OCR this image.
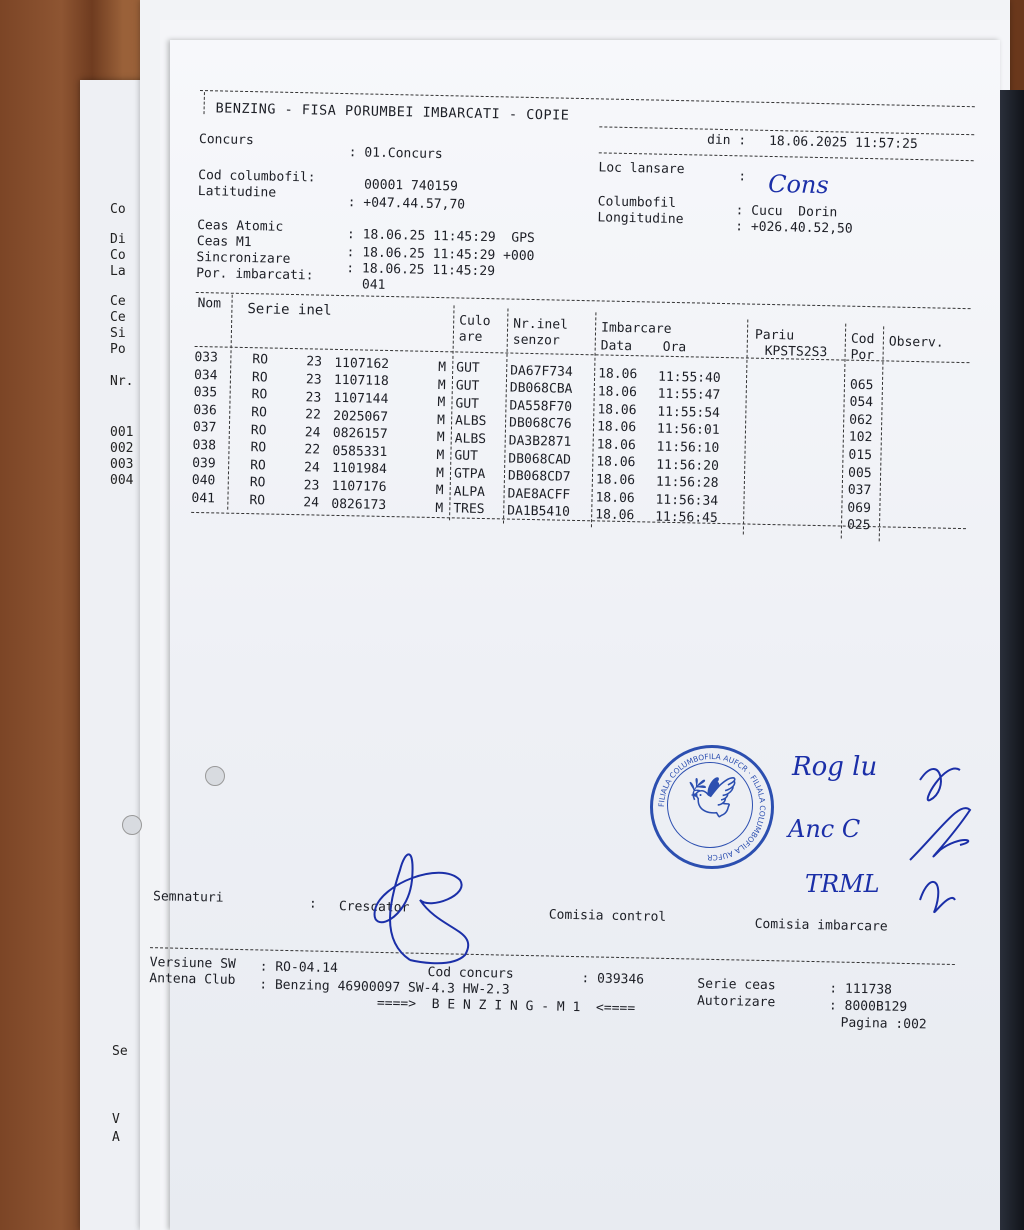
Co
Di
Co
La
Ce
Ce
Si
Po
Nr.
001
002
003
004
Se
V
A
BENZING - FISA PORUMBEI IMBARCATI - COPIE
din : 18.06.2025 11:57:25
Concurs
: 01.Concurs
Loc lansare	: Cons
Cod columbofil:
00001 740159
Latitudine
: +047.44.57,70	Columbofil
: Cucu  Dorin
Longitudine
: +026.40.52,50
Ceas Atomic
: 18.06.25 11:45:29  GPS
Ceas M1
: 18.06.25 11:45:29 +000
Sincronizare
: 18.06.25 11:45:29
Por. imbarcati:
041
Nom Serie inel
Culo
are
Nr.inel
senzor
Imbarcare
Data Ora
Pariu
KPSTS2S3
Cod
Por
Observ.
033	RO	23 1107162	M GUT DA67F734 18.06 11:55:40	065
034	RO	23 1107118	M GUT DB068CBA 18.06 11:55:47	054
035	RO	23 1107144	M GUT DA558F70 18.06 11:55:54	062
036	RO	22 2025067	M ALBS DB068C76 18.06 11:56:01	102
037	RO	24 0826157	M ALBS DA3B2871 18.06 11:56:10	015
038	RO	22 0585331	M GUT DB068CAD 18.06 11:56:20	005
039	RO	24 1101984	M GTPA DB068CD7 18.06 11:56:28	037
040	RO	23 1107176	M ALPA DAE8ACFF 18.06 11:56:34	069
041	RO	24 0826173	M TRES DA1B5410 18.06 11:56:45	025
Semnaturi	: Crescator
Comisia control
Comisia imbarcare
Versiune SW : RO-04.14	Cod concurs	: 039346	Serie ceas	: 111738
Antena Club : Benzing 46900097 SW-4.3 HW-2.3
Autorizare	: 8000B129
====>  B E N Z I N G - M 1  <====
Pagina :002
🕊
FILIALA COLUMBOFILA AUFCR · FILIALA COLUMBOFILA AUFCR
Rog lu
Anc C
TRML
